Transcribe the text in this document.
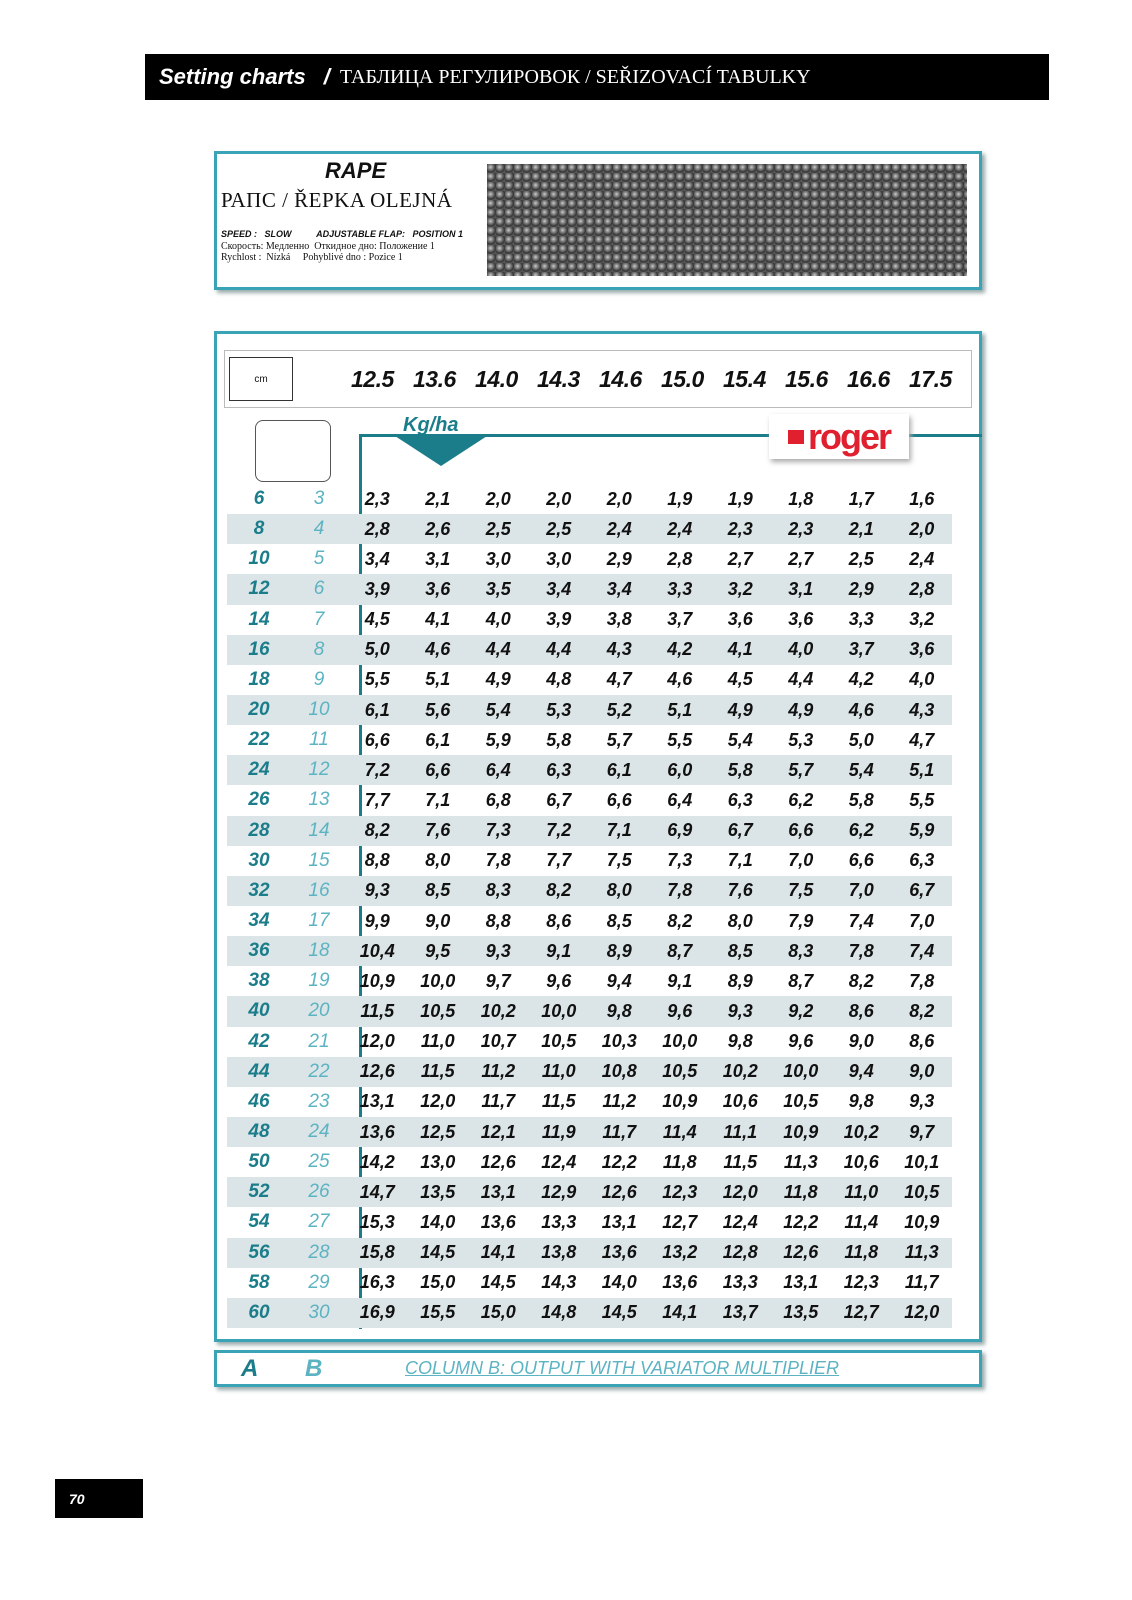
Setting charts / ТАБЛИЦА РЕГУЛИРОВОК / SEŘIZOVACÍ TABULKY
RAPE
РАПС / ŘEPKA OLEJNÁ
SPEED :   SLOW          ADJUSTABLE FLAP:   POSITION 1
Скорость: Медленно  Откидное дно: Положение 1
Rychlost :  Nízká     Pohyblivé dno : Pozice 1
cm	12.5 13.6 14.0 14.3 14.6 15.0 15.4 15.6 16.6 17.5
Kg/ha	roger
6	3	2,3	2,1	2,0	2,0	2,0	1,9	1,9	1,8	1,7	1,6
8	4	2,8	2,6	2,5	2,5	2,4	2,4	2,3	2,3	2,1	2,0
10	5	3,4	3,1	3,0	3,0	2,9	2,8	2,7	2,7	2,5	2,4
12	6	3,9	3,6	3,5	3,4	3,4	3,3	3,2	3,1	2,9	2,8
14	7	4,5	4,1	4,0	3,9	3,8	3,7	3,6	3,6	3,3	3,2
16	8	5,0	4,6	4,4	4,4	4,3	4,2	4,1	4,0	3,7	3,6
18	9	5,5	5,1	4,9	4,8	4,7	4,6	4,5	4,4	4,2	4,0
20	10	6,1	5,6	5,4	5,3	5,2	5,1	4,9	4,9	4,6	4,3
22	11	6,6	6,1	5,9	5,8	5,7	5,5	5,4	5,3	5,0	4,7
24	12	7,2	6,6	6,4	6,3	6,1	6,0	5,8	5,7	5,4	5,1
26	13	7,7	7,1	6,8	6,7	6,6	6,4	6,3	6,2	5,8	5,5
28	14	8,2	7,6	7,3	7,2	7,1	6,9	6,7	6,6	6,2	5,9
30	15	8,8	8,0	7,8	7,7	7,5	7,3	7,1	7,0	6,6	6,3
32	16	9,3	8,5	8,3	8,2	8,0	7,8	7,6	7,5	7,0	6,7
34	17	9,9	9,0	8,8	8,6	8,5	8,2	8,0	7,9	7,4	7,0
36	18	10,4	9,5	9,3	9,1	8,9	8,7	8,5	8,3	7,8	7,4
38	19	10,9	10,0	9,7	9,6	9,4	9,1	8,9	8,7	8,2	7,8
40	20	11,5	10,5	10,2	10,0	9,8	9,6	9,3	9,2	8,6	8,2
42	21	12,0	11,0	10,7	10,5	10,3	10,0	9,8	9,6	9,0	8,6
44	22	12,6	11,5	11,2	11,0	10,8	10,5	10,2	10,0	9,4	9,0
46	23	13,1	12,0	11,7	11,5	11,2	10,9	10,6	10,5	9,8	9,3
48	24	13,6	12,5	12,1	11,9	11,7	11,4	11,1	10,9	10,2	9,7
50	25	14,2	13,0	12,6	12,4	12,2	11,8	11,5	11,3	10,6	10,1
52	26	14,7	13,5	13,1	12,9	12,6	12,3	12,0	11,8	11,0	10,5
54	27	15,3	14,0	13,6	13,3	13,1	12,7	12,4	12,2	11,4	10,9
56	28	15,8	14,5	14,1	13,8	13,6	13,2	12,8	12,6	11,8	11,3
58	29	16,3	15,0	14,5	14,3	14,0	13,6	13,3	13,1	12,3	11,7
60	30	16,9	15,5	15,0	14,8	14,5	14,1	13,7	13,5	12,7	12,0
A B	COLUMN B: OUTPUT WITH VARIATOR MULTIPLIER
70
